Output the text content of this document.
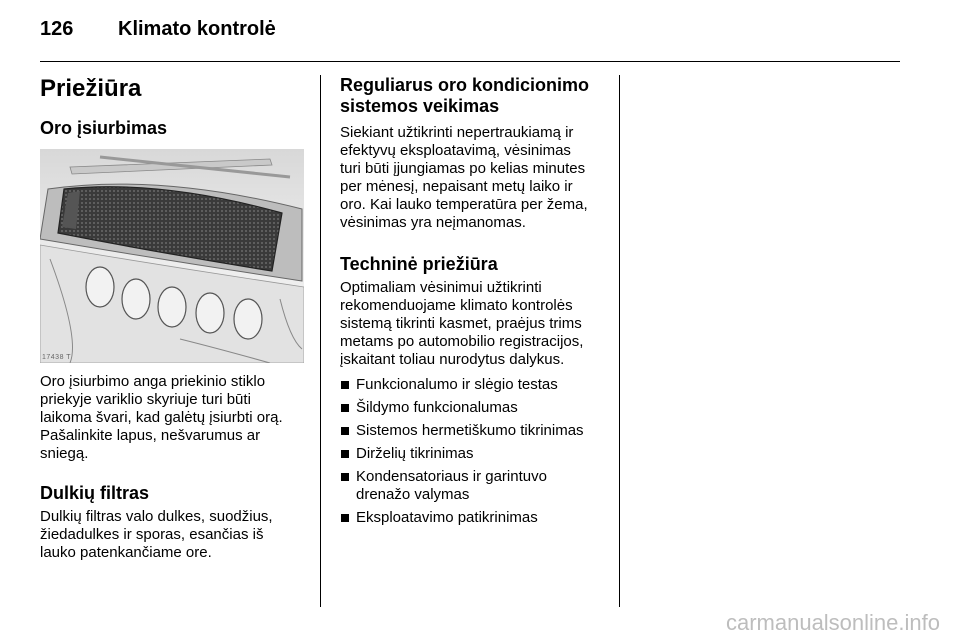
126 Klimato kontrolė
Priežiūra
Oro įsiurbimas
17438 T

Oro įsiurbimo anga priekinio stiklo
priekyje variklio skyriuje turi būti
laikoma švari, kad galėtų įsiurbti orą.
Pašalinkite lapus, nešvarumus ar
sniegą.

Dulkių filtras

Dulkių filtras valo dulkes, suodžius,
žiedadulkes ir sporas, esančias iš
lauko patenkančiame ore.

Reguliarus oro kondicionimo
sistemos veikimas

Siekiant užtikrinti nepertraukiamą ir
efektyvų eksploatavimą, vėsinimas
turi būti įjungiamas po kelias minutes
per mėnesį, nepaisant metų laiko ir
oro. Kai lauko temperatūra per žema,
vėsinimas yra neįmanomas.

Techninė priežiūra

Optimaliam vėsinimui užtikrinti
rekomenduojame klimato kontrolės
sistemą tikrinti kasmet, praėjus trims
metams po automobilio registracijos,
įskaitant toliau nurodytus dalykus.

Funkcionalumo ir slėgio testas
Šildymo funkcionalumas
Sistemos hermetiškumo tikrinimas
Dirželių tikrinimas
Kondensatoriaus ir garintuvo
drenažo valymas
Eksploatavimo patikrinimas
carmanualsonline.info
